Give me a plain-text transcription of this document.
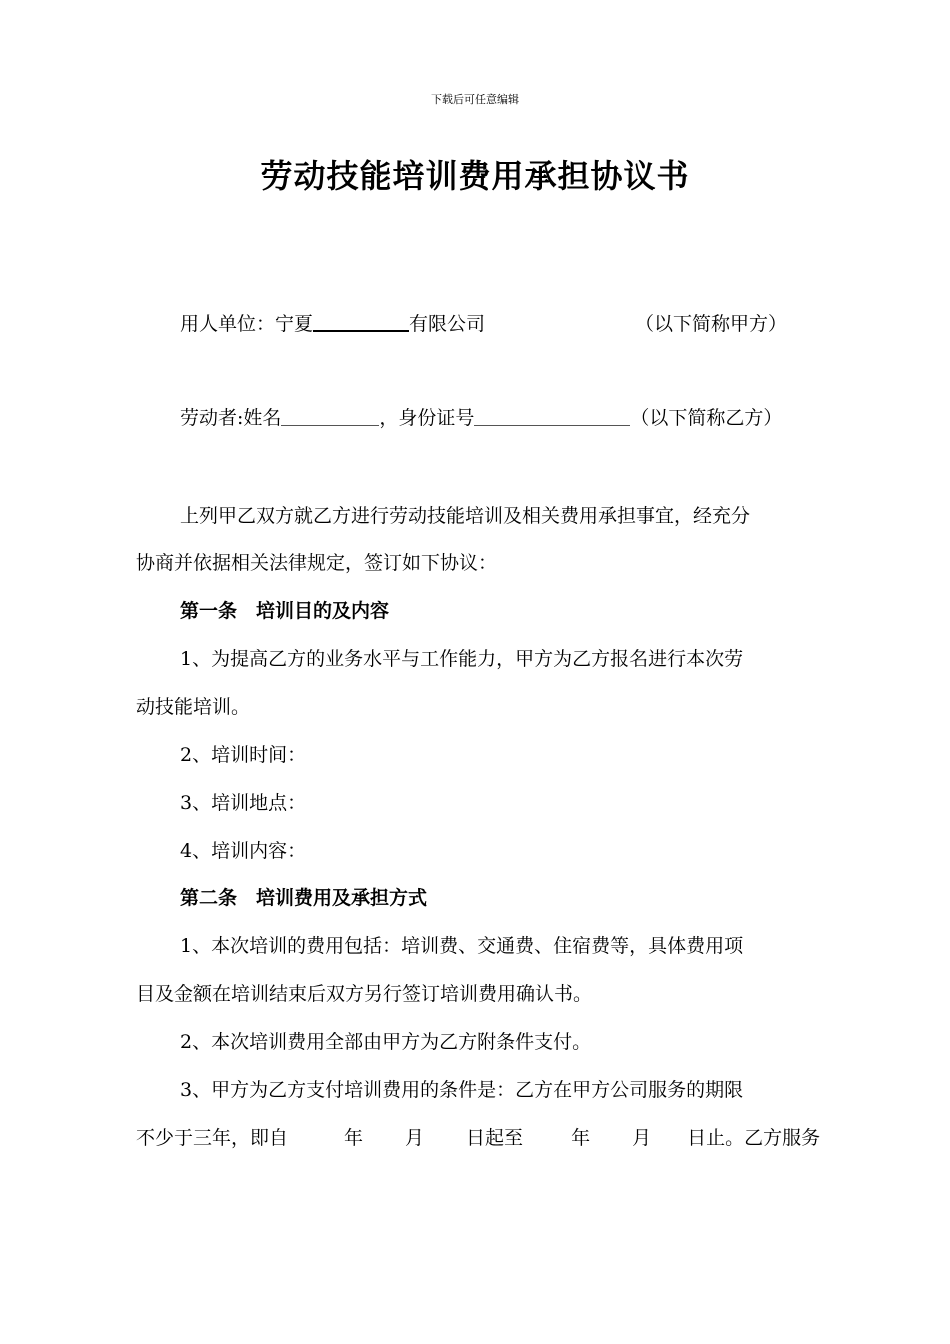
下载后可任意编辑
劳动技能培训费用承担协议书
用人单位：宁夏	有限公司	（以下简称甲方）
劳动者:姓名	，身份证号	（以下简称乙方）
上列甲乙双方就乙方进行劳动技能培训及相关费用承担事宜，经充分
协商并依据相关法律规定，签订如下协议：
第一条　培训目的及内容
1、为提高乙方的业务水平与工作能力，甲方为乙方报名进行本次劳
动技能培训。
2、培训时间：
3、培训地点：
4、培训内容：
第二条　培训费用及承担方式
1、本次培训的费用包括：培训费、交通费、住宿费等，具体费用项
目及金额在培训结束后双方另行签订培训费用确认书。
2、本次培训费用全部由甲方为乙方附条件支付。
3、甲方为乙方支付培训费用的条件是：乙方在甲方公司服务的期限
不少于三年，即自	年 月 日起至	年 月 日止。乙方服务
